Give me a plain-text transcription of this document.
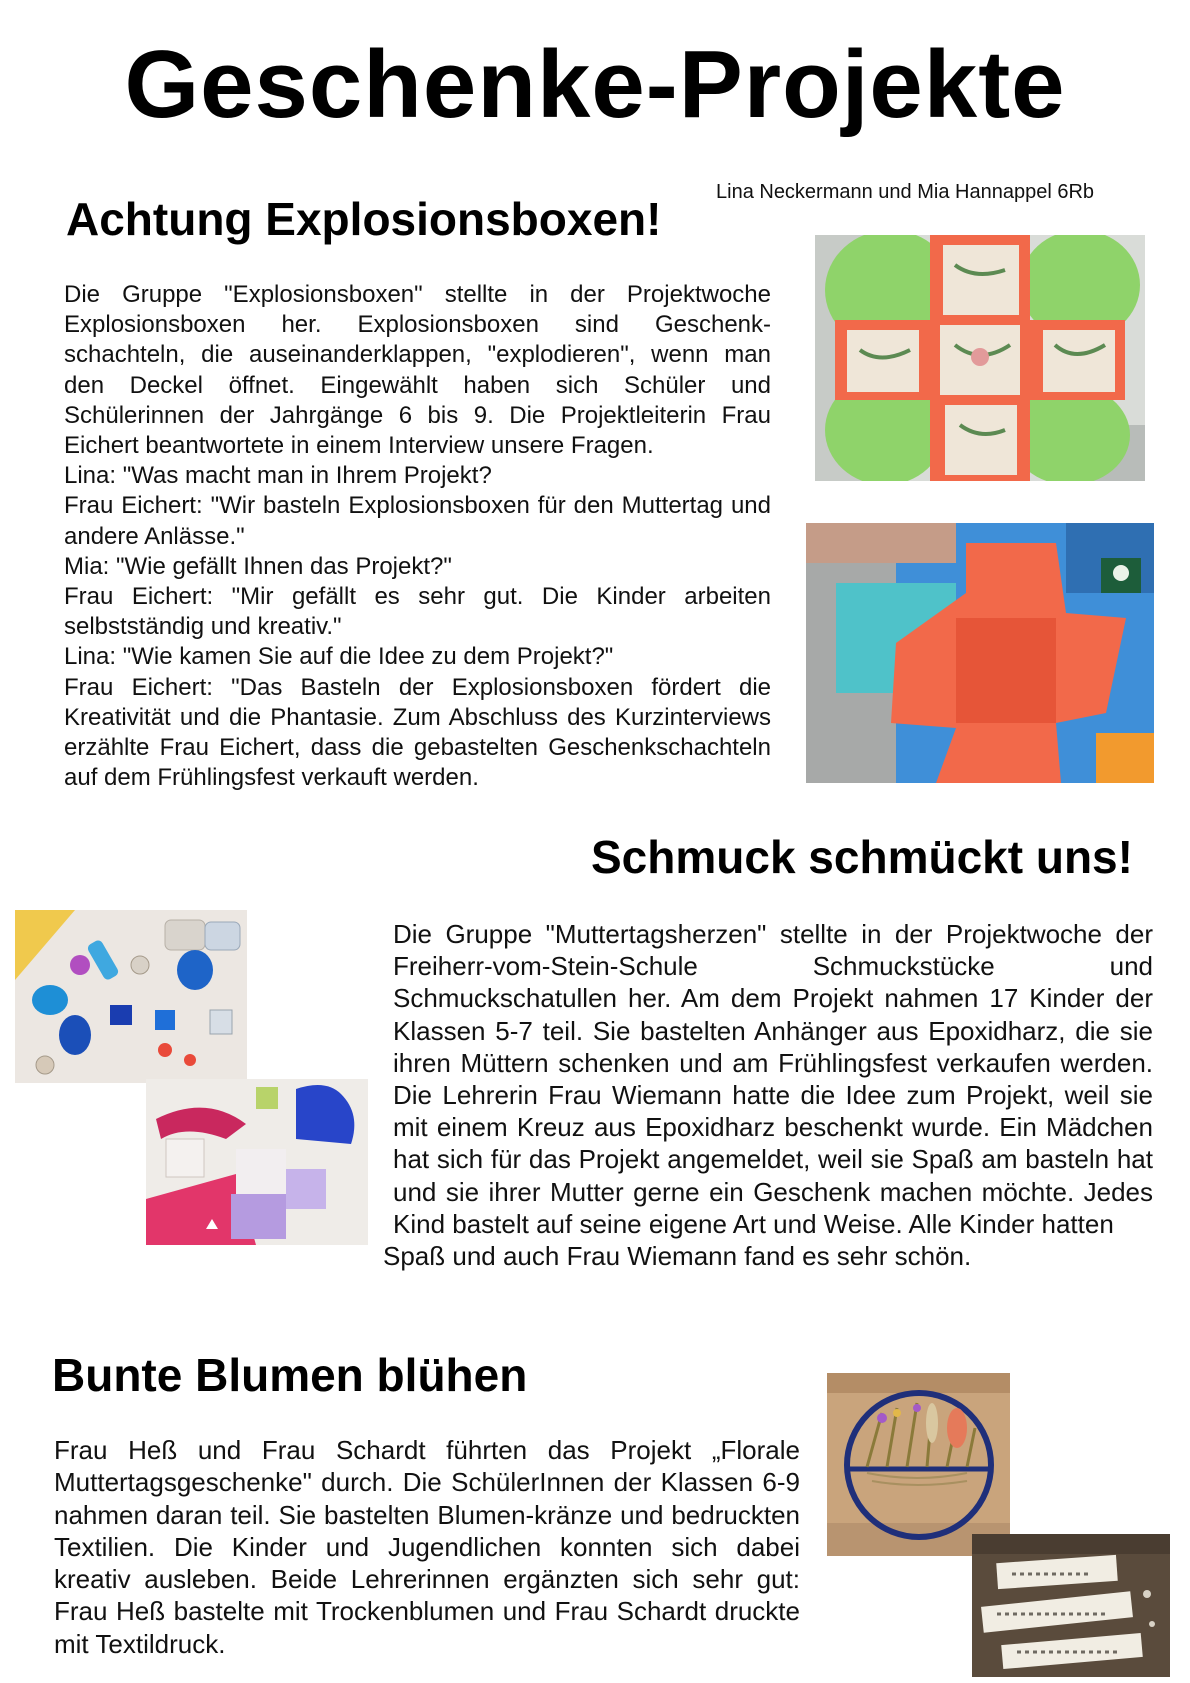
Geschenke-Projekte
Lina Neckermann und Mia Hannappel 6Rb
Achtung Explosionsboxen!

Die Gruppe "Explosionsboxen" stellte in der Projektwoche Explosionsboxen her. Explosionsboxen sind Geschenk-schachteln, die auseinanderklappen, "explodieren", wenn man den Deckel öffnet. Eingewählt haben sich Schüler und Schülerinnen der Jahrgänge 6 bis 9. Die Projektleiterin Frau Eichert beantwortete in einem Interview unsere Fragen.

Lina: "Was macht man in Ihrem Projekt?

Frau Eichert: "Wir basteln Explosionsboxen für den Muttertag und andere Anlässe."

Mia: "Wie gefällt Ihnen das Projekt?"

Frau Eichert: "Mir gefällt es sehr gut. Die Kinder arbeiten selbstständig und kreativ."

Lina: "Wie kamen Sie auf die Idee zu dem Projekt?"

Frau Eichert: "Das Basteln der Explosionsboxen fördert die Kreativität und die Phantasie. Zum Abschluss des Kurzinterviews erzählte Frau Eichert, dass die gebastelten Geschenkschachteln auf dem Frühlingsfest verkauft werden.

Schmuck schmückt uns!

Die Gruppe "Muttertagsherzen" stellte in der Projektwoche der Freiherr-vom-Stein-Schule Schmuckstücke und Schmuckschatullen her. Am dem Projekt nahmen 17 Kinder der Klassen 5-7 teil. Sie bastelten Anhänger aus Epoxidharz, die sie ihren Müttern schenken und am Frühlingsfest verkaufen werden. Die Lehrerin Frau Wiemann hatte die Idee zum Projekt, weil sie mit einem Kreuz aus Epoxidharz beschenkt wurde. Ein Mädchen hat sich für das Projekt angemeldet, weil sie Spaß am basteln hat und sie ihrer Mutter gerne ein Geschenk machen möchte. Jedes Kind bastelt auf seine eigene Art und Weise. Alle Kinder hatten

Spaß und auch Frau Wiemann fand es sehr schön.

Bunte Blumen blühen

Frau Heß und Frau Schardt führten das Projekt „Florale Muttertagsgeschenke" durch. Die SchülerInnen der Klassen 6-9 nahmen daran teil. Sie bastelten Blumen-kränze und bedruckten Textilien. Die Kinder und Jugendlichen konnten sich dabei kreativ ausleben. Beide Lehrerinnen ergänzten sich sehr gut: Frau Heß bastelte mit Trockenblumen und Frau Schardt druckte mit Textildruck.
